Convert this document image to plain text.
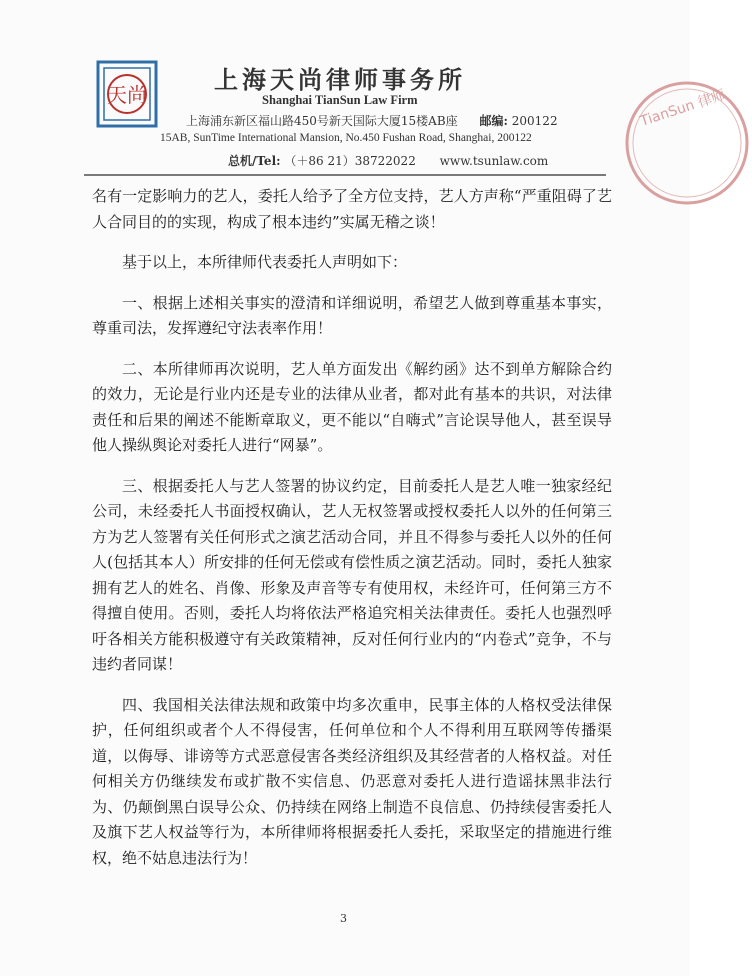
天尚
上海天尚律师事务所
Shanghai TianSun Law Firm
上海浦东新区福山路450号新天国际大厦15楼AB座 邮编: 200122
15AB, SunTime International Mansion, No.450 Fushan Road, Shanghai, 200122
总机/Tel: （＋86 21）38722022 www.tsunlaw.com
TianSun 律师

名有一定影响力的艺人，委托人给予了全方位支持，艺人方声称“严重阻碍了艺人合同目的的实现，构成了根本违约”实属无稽之谈！

基于以上，本所律师代表委托人声明如下：

一、根据上述相关事实的澄清和详细说明，希望艺人做到尊重基本事实，尊重司法，发挥遵纪守法表率作用！

二、本所律师再次说明，艺人单方面发出《解约函》达不到单方解除合约的效力，无论是行业内还是专业的法律从业者，都对此有基本的共识，对法律责任和后果的阐述不能断章取义，更不能以“自嗨式”言论误导他人，甚至误导他人操纵舆论对委托人进行“网暴”。

三、根据委托人与艺人签署的协议约定，目前委托人是艺人唯一独家经纪公司，未经委托人书面授权确认，艺人无权签署或授权委托人以外的任何第三方为艺人签署有关任何形式之演艺活动合同，并且不得参与委托人以外的任何人(包括其本人）所安排的任何无偿或有偿性质之演艺活动。同时，委托人独家拥有艺人的姓名、肖像、形象及声音等专有使用权，未经许可，任何第三方不得擅自使用。否则，委托人均将依法严格追究相关法律责任。委托人也强烈呼吁各相关方能积极遵守有关政策精神，反对任何行业内的“内卷式”竞争，不与违约者同谋！

四、我国相关法律法规和政策中均多次重申，民事主体的人格权受法律保护，任何组织或者个人不得侵害，任何单位和个人不得利用互联网等传播渠道，以侮辱、诽谤等方式恶意侵害各类经济组织及其经营者的人格权益。对任何相关方仍继续发布或扩散不实信息、仍恶意对委托人进行造谣抹黑非法行为、仍颠倒黑白误导公众、仍持续在网络上制造不良信息、仍持续侵害委托人及旗下艺人权益等行为，本所律师将根据委托人委托，采取坚定的措施进行维权，绝不姑息违法行为！

3
